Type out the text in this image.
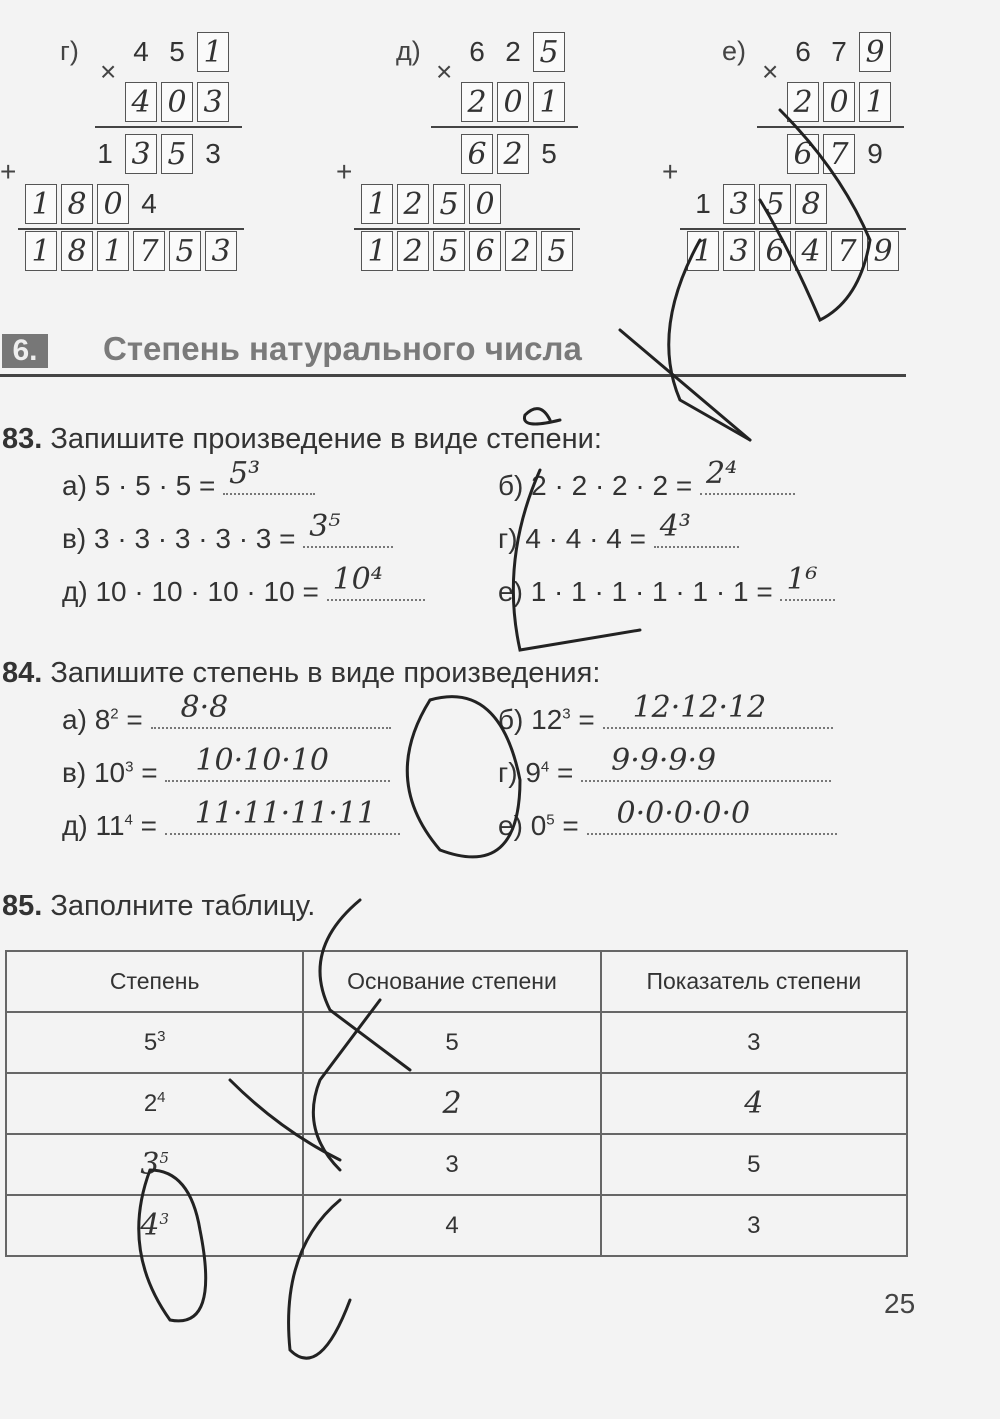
г)
×
4 5 1
4 0 3
1 3 5 3
+
1 8 0 4
1 8 1 7 5 3
д)
×
6 2 5
2 0 1
6 2 5
+
1 2 5 0
1 2 5 6 2 5
е)
×
6 7 9
2 0 1
6 7 9
+
1 3 5 8
1 3 6 4 7 9
6.	Степень натурального числа
83. Запишите произведение в виде степени:
а) 5 · 5 · 5 = 5³	б) 2 · 2 · 2 · 2 = 2⁴
в) 3 · 3 · 3 · 3 · 3 = 3⁵	г) 4 · 4 · 4 = 4³
д) 10 · 10 · 10 · 10 = 10⁴	е) 1 · 1 · 1 · 1 · 1 · 1 = 1⁶
84. Запишите степень в виде произведения:
а) $8^2 = 8\cdot 8$	б) $12^3 = 12\cdot 12\cdot 12$
в) $10^3 = 10\cdot 10\cdot 10$	г) $9^4 = 9\cdot 9\cdot 9\cdot 9$
д) $11^4 = 11\cdot 11\cdot 11\cdot 11$	е) $0^5 = 0\cdot 0\cdot 0\cdot 0\cdot 0$
85. Заполните таблицу.
Степень	Основание степени	Показатель степени
$5^3$	5	3
$2^4$	2	4
$3^5$	3	5
$4^3$	4	3
25
